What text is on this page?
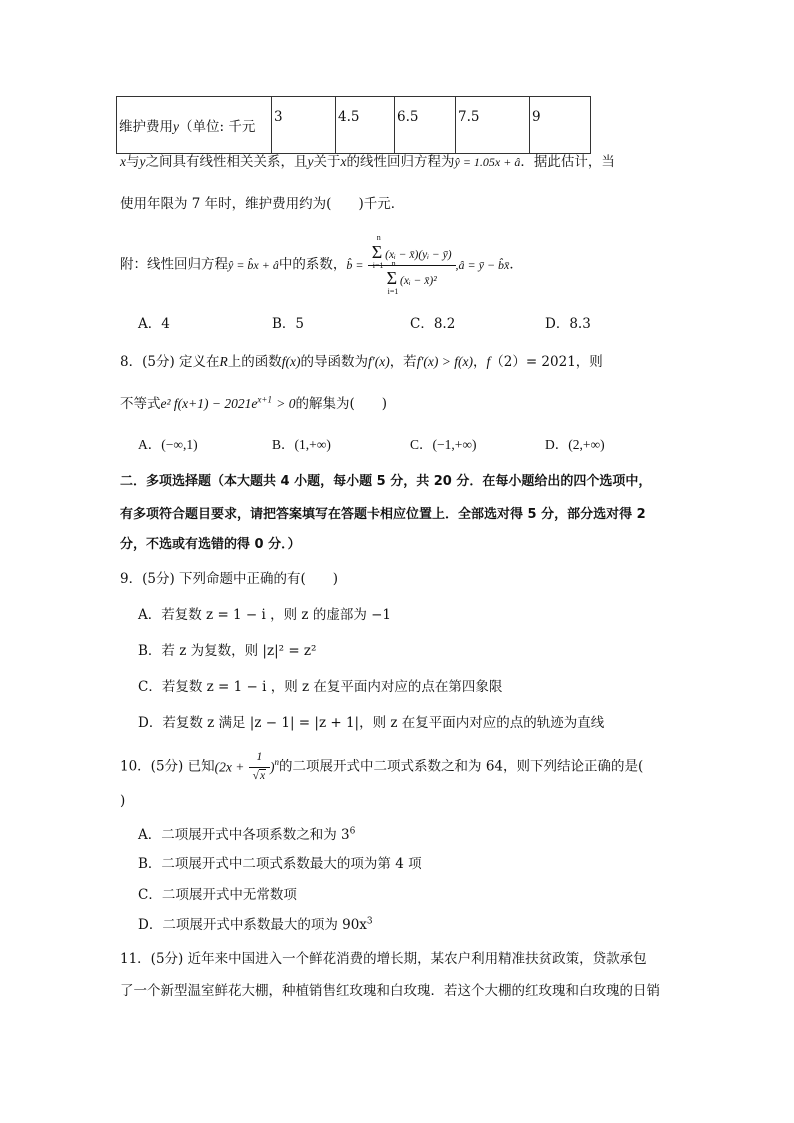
维护费用y（单位: 千元	3	4.5	6.5	7.5	9
x与y之间具有线性相关关系，且y关于x的线性回归方程为ŷ = 1.05x + â．据此估计，当
使用年限为 7 年时，维护费用约为(　　)千元．
附：线性回归方程ŷ = b̂x + â中的系数，b̂ = Σ
n
i=1
(xᵢ − x̄)(yᵢ − ȳ)
Σ
n
i=1
(xᵢ − x̄)² ,â = ȳ − b̂x̄．
A．4	B．5	C．8.2	D．8.3
8．(5分) 定义在R上的函数f(x)的导函数为f′(x)，若f′(x) > f(x)，f（2）= 2021，则
不等式e² $f(x+1) - 2021e^{x+1} > 0$的解集为(　　)
A．(−∞,1)	B．(1,+∞)	C．(−1,+∞)	D．(2,+∞)
二．多项选择题（本大题共 4 小题，每小题 5 分，共 20 分．在每小题给出的四个选项中，
有多项符合题目要求，请把答案填写在答题卡相应位置上．全部选对得 5 分，部分选对得 2
分，不选或有选错的得 0 分．）
9．(5分) 下列命题中正确的有(　　)
A．若复数 z = 1 − i ，则 z 的虚部为 −1
B．若 z 为复数，则 |z|² = z²
C．若复数 z = 1 − i ，则 z 在复平面内对应的点在第四象限
D．若复数 z 满足 |z − 1| = |z + 1|，则 z 在复平面内对应的点的轨迹为直线
10．(5分) 已知$(2x + \frac{1}{√x} )^n$的二项展开式中二项式系数之和为 64，则下列结论正确的是(
)
A．二项展开式中各项系数之和为 $3^6$
B．二项展开式中二项式系数最大的项为第 4 项
C．二项展开式中无常数项
D．二项展开式中系数最大的项为 $90x^3$
11．(5分) 近年来中国进入一个鲜花消费的增长期，某农户利用精准扶贫政策，贷款承包
了一个新型温室鲜花大棚，种植销售红玫瑰和白玫瑰．若这个大棚的红玫瑰和白玫瑰的日销
